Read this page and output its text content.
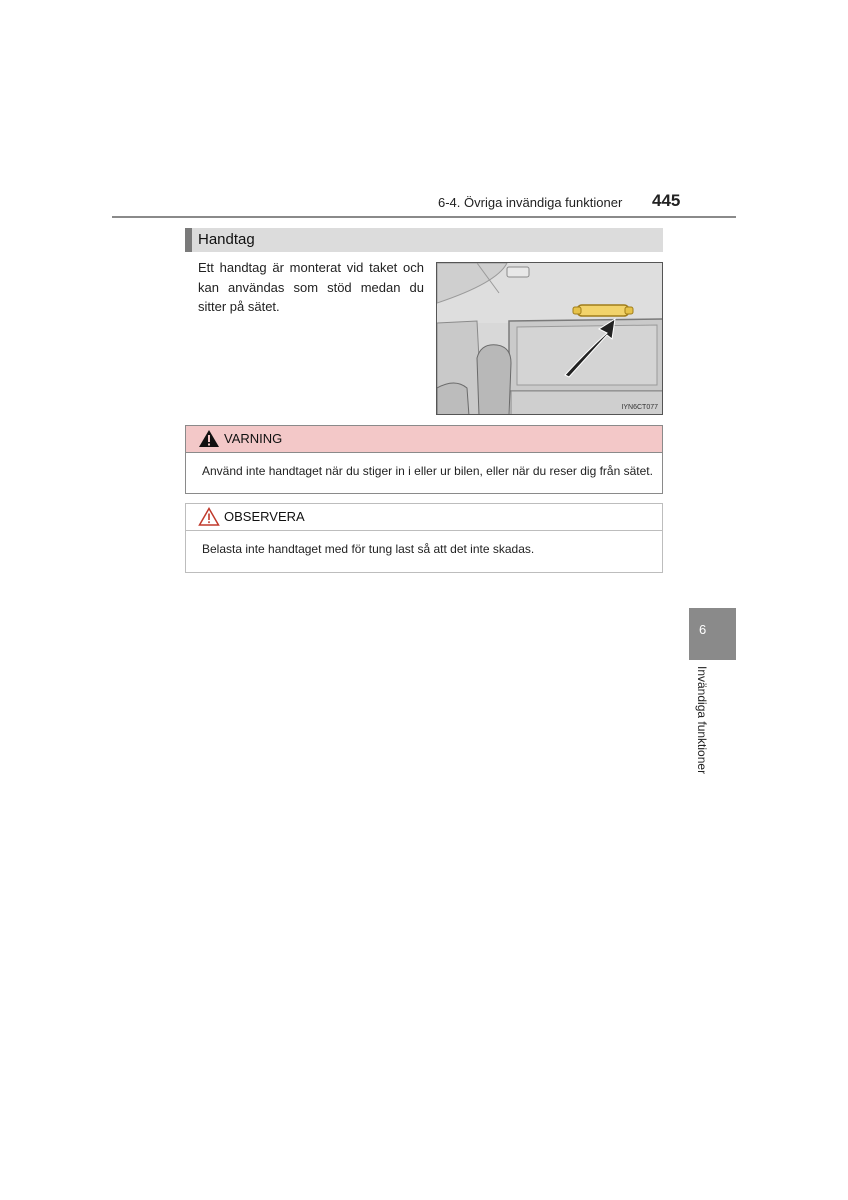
6-4. Övriga invändiga funktioner 445
Handtag
Ett handtag är monterat vid taket och kan användas som stöd medan du sitter på sätet.
IYN6CT077
VARNING
Använd inte handtaget när du stiger in i eller ur bilen, eller när du reser dig från sätet.
OBSERVERA
Belasta inte handtaget med för tung last så att det inte skadas.
6
Invändiga funktioner
